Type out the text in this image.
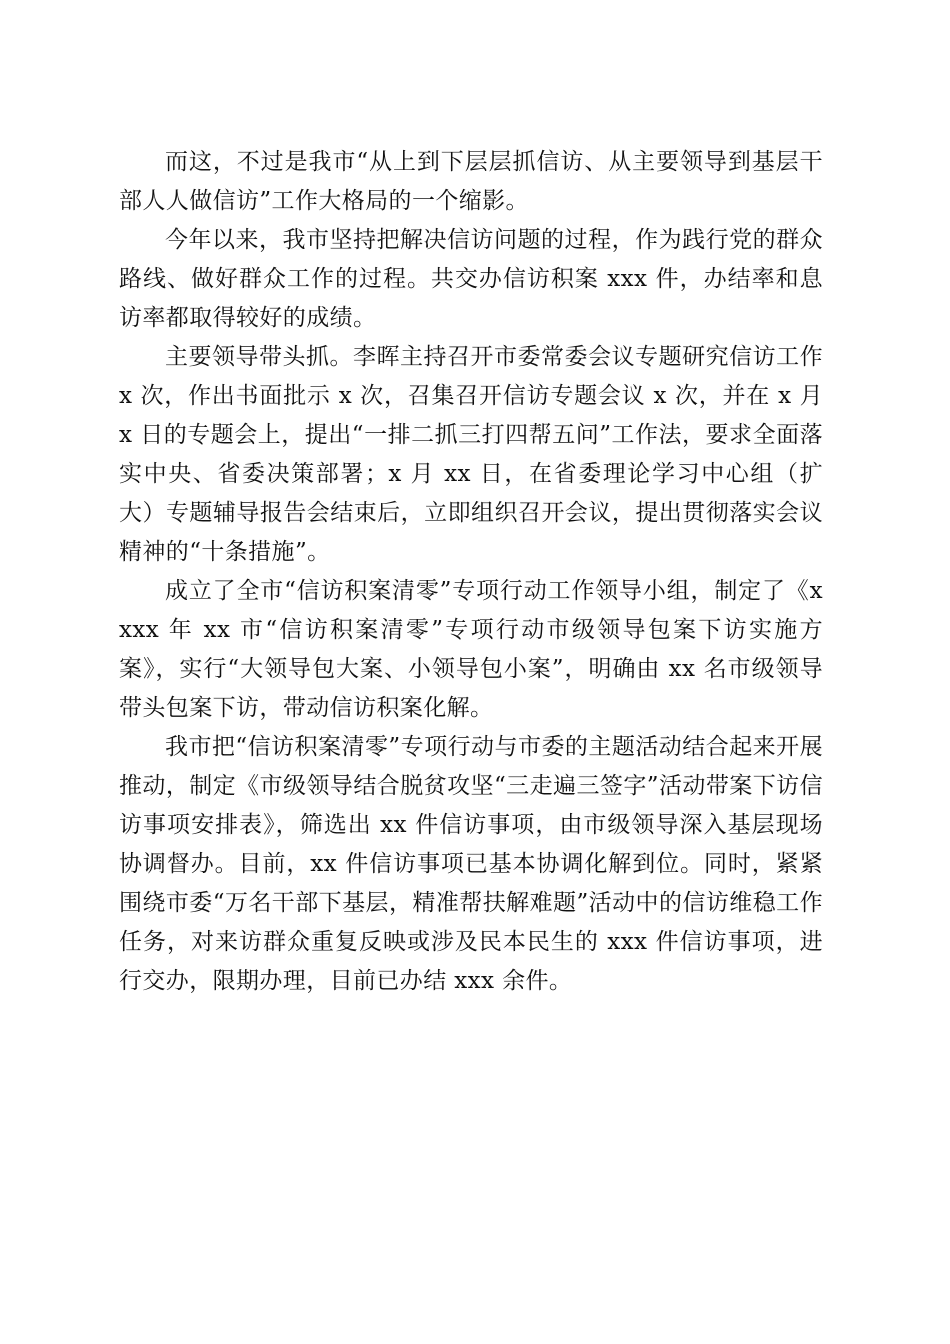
而这，不过是我市“从上到下层层抓信访、从主要领导到基层干部人人做信访”工作大格局的一个缩影。

今年以来，我市坚持把解决信访问题的过程，作为践行党的群众路线、做好群众工作的过程。共交办信访积案 xxx 件，办结率和息访率都取得较好的成绩。

主要领导带头抓。李晖主持召开市委常委会议专题研究信访工作 x 次，作出书面批示 x 次，召集召开信访专题会议 x 次，并在 x 月 x 日的专题会上，提出“一排二抓三打四帮五问”工作法，要求全面落实中央、省委决策部署；x 月 xx 日，在省委理论学习中心组（扩大）专题辅导报告会结束后，立即组织召开会议，提出贯彻落实会议精神的“十条措施”。

成立了全市“信访积案清零”专项行动工作领导小组，制定了《xxxx 年 xx 市“信访积案清零”专项行动市级领导包案下访实施方案》，实行“大领导包大案、小领导包小案”，明确由 xx 名市级领导带头包案下访，带动信访积案化解。

我市把“信访积案清零”专项行动与市委的主题活动结合起来开展推动，制定《市级领导结合脱贫攻坚“三走遍三签字”活动带案下访信访事项安排表》，筛选出 xx 件信访事项，由市级领导深入基层现场协调督办。目前，xx 件信访事项已基本协调化解到位。同时，紧紧围绕市委“万名干部下基层，精准帮扶解难题”活动中的信访维稳工作任务，对来访群众重复反映或涉及民本民生的 xxx 件信访事项，进行交办，限期办理，目前已办结 xxx 余件。
